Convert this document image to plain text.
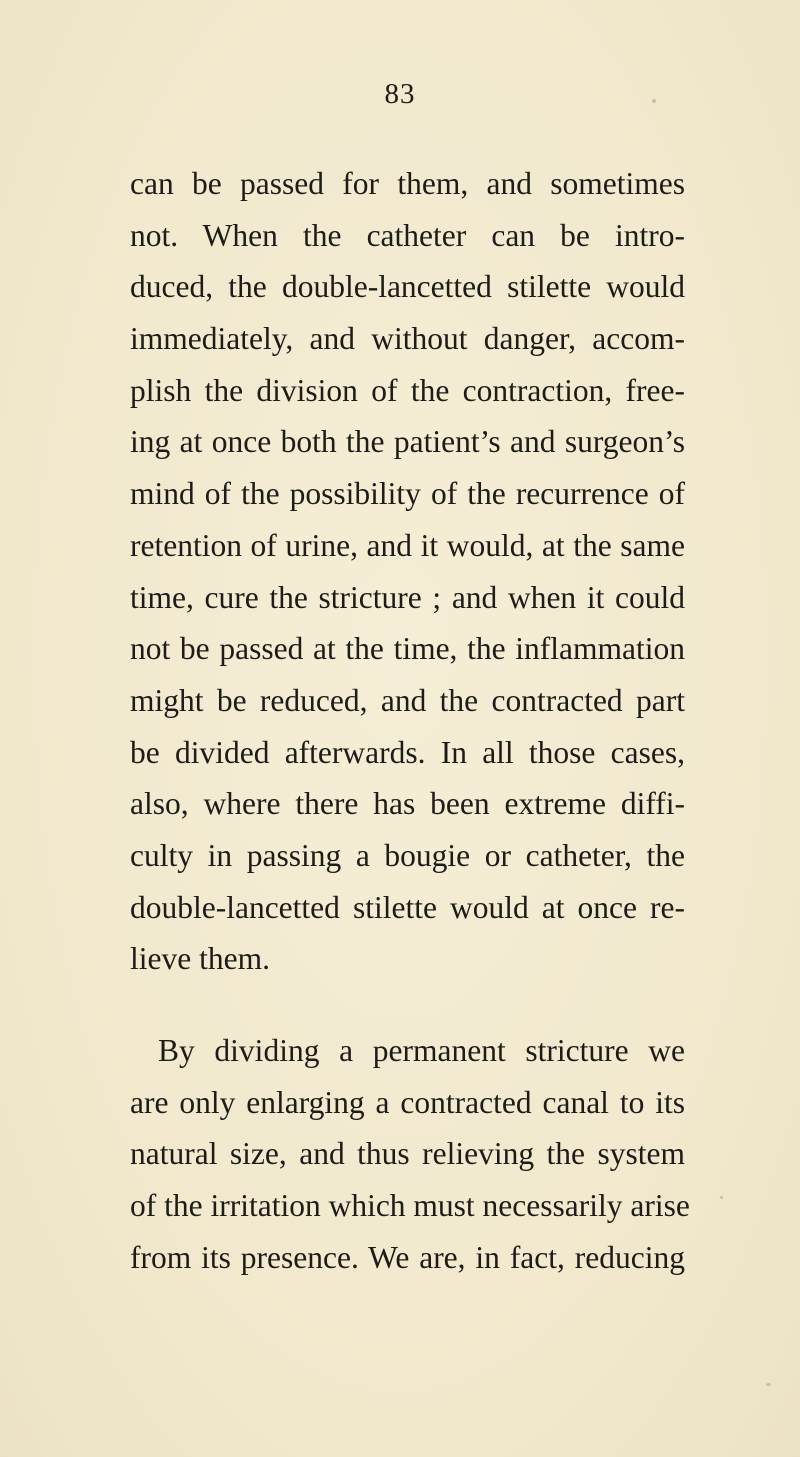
83
can be passed for them, and sometimes
not. When the catheter can be intro-
duced, the double-lancetted stilette would
immediately, and without danger, accom-
plish the division of the contraction, free-
ing at once both the patient’s and surgeon’s
mind of the possibility of the recurrence of
retention of urine, and it would, at the same
time, cure the stricture ; and when it could
not be passed at the time, the inflammation
might be reduced, and the contracted part
be divided afterwards. In all those cases,
also, where there has been extreme diffi-
culty in passing a bougie or catheter, the
double-lancetted stilette would at once re-
lieve them.
By dividing a permanent stricture we
are only enlarging a contracted canal to its
natural size, and thus relieving the system
of the irritation which must necessarily arise
from its presence. We are, in fact, reducing
